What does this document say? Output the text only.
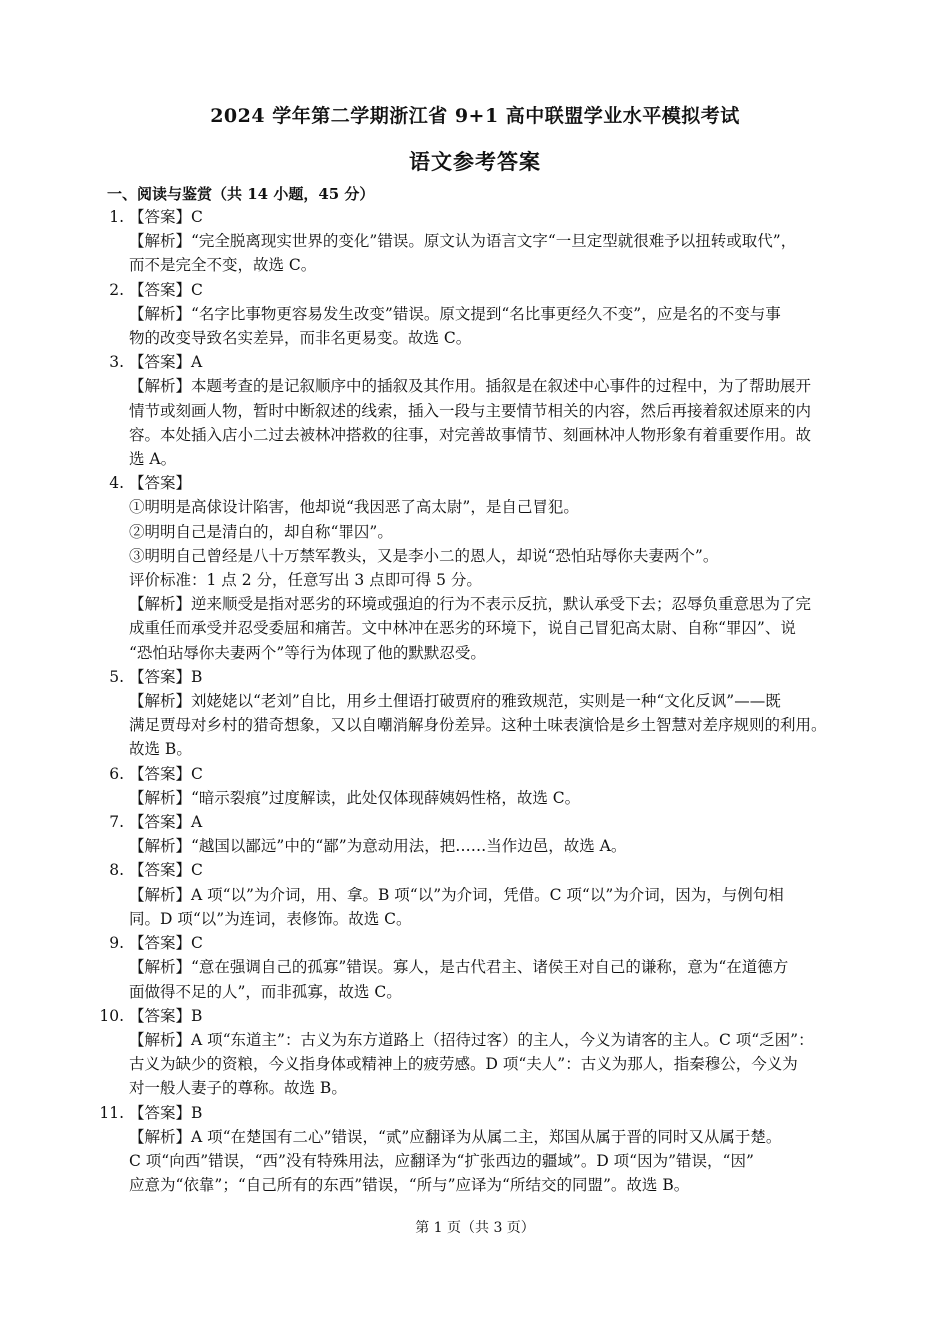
2024 学年第二学期浙江省 9+1 高中联盟学业水平模拟考试
语文参考答案
一、阅读与鉴赏（共 14 小题，45 分）
1. 【答案】C
【解析】“完全脱离现实世界的变化”错误。原文认为语言文字“一旦定型就很难予以扭转或取代”，
而不是完全不变，故选 C。
2. 【答案】C
【解析】“名字比事物更容易发生改变”错误。原文提到“名比事更经久不变”，应是名的不变与事
物的改变导致名实差异，而非名更易变。故选 C。
3. 【答案】A
【解析】本题考查的是记叙顺序中的插叙及其作用。插叙是在叙述中心事件的过程中，为了帮助展开
情节或刻画人物，暂时中断叙述的线索，插入一段与主要情节相关的内容，然后再接着叙述原来的内
容。本处插入店小二过去被林冲搭救的往事，对完善故事情节、刻画林冲人物形象有着重要作用。故
选 A。
4. 【答案】
①明明是高俅设计陷害，他却说“我因恶了高太尉”，是自己冒犯。
②明明自己是清白的，却自称“罪囚”。
③明明自己曾经是八十万禁军教头，又是李小二的恩人，却说“恐怕玷辱你夫妻两个”。
评价标准：1 点 2 分，任意写出 3 点即可得 5 分。
【解析】逆来顺受是指对恶劣的环境或强迫的行为不表示反抗，默认承受下去；忍辱负重意思为了完
成重任而承受并忍受委屈和痛苦。文中林冲在恶劣的环境下，说自己冒犯高太尉、自称“罪囚”、说
“恐怕玷辱你夫妻两个”等行为体现了他的默默忍受。
5. 【答案】B
【解析】刘姥姥以“老刘”自比，用乡土俚语打破贾府的雅致规范，实则是一种“文化反讽”——既
满足贾母对乡村的猎奇想象，又以自嘲消解身份差异。这种土味表演恰是乡土智慧对差序规则的利用。
故选 B。
6. 【答案】C
【解析】“暗示裂痕”过度解读，此处仅体现薛姨妈性格，故选 C。
7. 【答案】A
【解析】“越国以鄙远”中的“鄙”为意动用法，把……当作边邑，故选 A。
8. 【答案】C
【解析】A 项“以”为介词，用、拿。B 项“以”为介词，凭借。C 项“以”为介词，因为，与例句相
同。D 项“以”为连词，表修饰。故选 C。
9. 【答案】C
【解析】“意在强调自己的孤寡”错误。寡人，是古代君主、诸侯王对自己的谦称，意为“在道德方
面做得不足的人”，而非孤寡，故选 C。
10. 【答案】B
【解析】A 项“东道主”：古义为东方道路上（招待过客）的主人，今义为请客的主人。C 项“乏困”：
古义为缺少的资粮，今义指身体或精神上的疲劳感。D 项“夫人”：古义为那人，指秦穆公，今义为
对一般人妻子的尊称。故选 B。
11. 【答案】B
【解析】A 项“在楚国有二心”错误，“贰”应翻译为从属二主，郑国从属于晋的同时又从属于楚。
C 项“向西”错误，“西”没有特殊用法，应翻译为“扩张西边的疆域”。D 项“因为”错误，“因”
应意为“依靠”；“自己所有的东西”错误，“所与”应译为“所结交的同盟”。故选 B。
第 1 页（共 3 页）
